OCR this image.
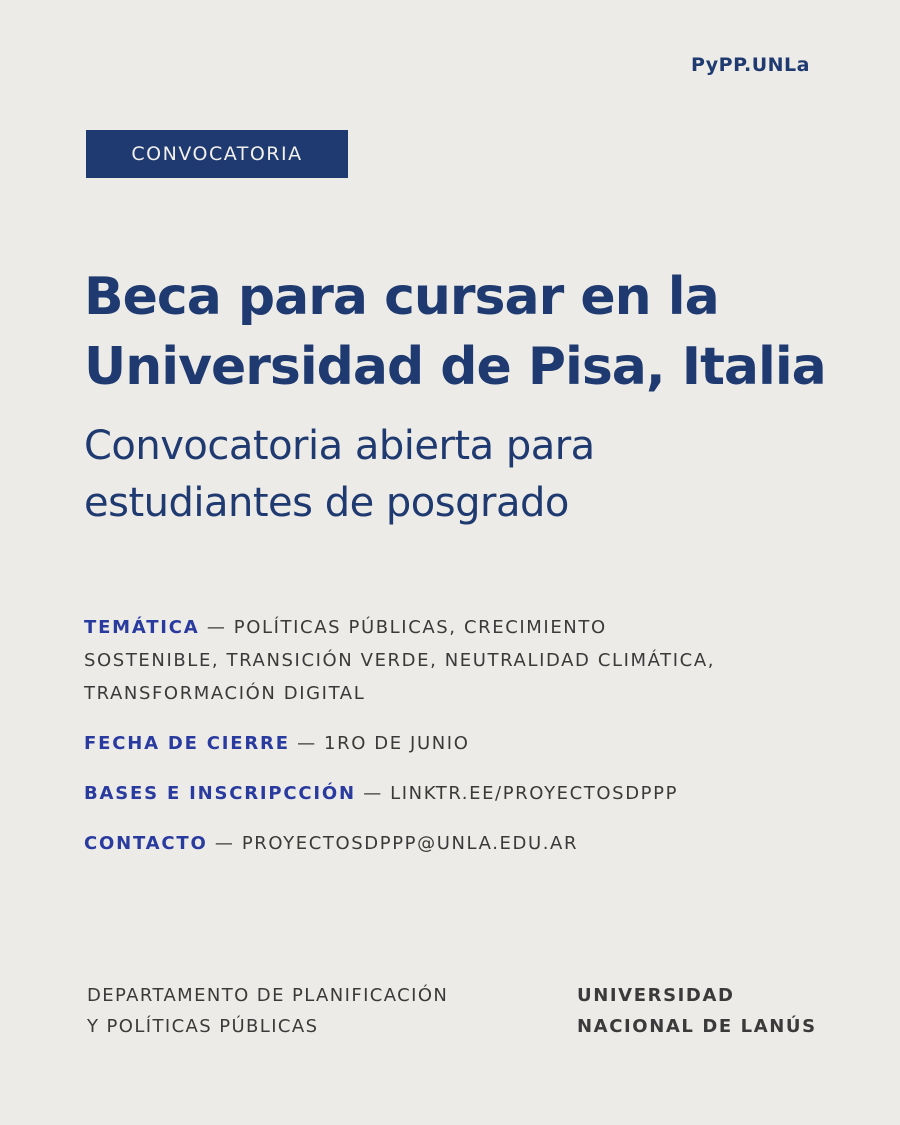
PyPP.UNLa
CONVOCATORIA
Beca para cursar en la
Universidad de Pisa, Italia
Convocatoria abierta para
estudiantes de posgrado
TEMÁTICA — POLÍTICAS PÚBLICAS, CRECIMIENTO SOSTENIBLE, TRANSICIÓN VERDE, NEUTRALIDAD CLIMÁTICA, TRANSFORMACIÓN DIGITAL
FECHA DE CIERRE — 1RO DE JUNIO
BASES E INSCRIPCCIÓN — LINKTR.EE/PROYECTOSDPPP
CONTACTO — PROYECTOSDPPP@UNLA.EDU.AR
DEPARTAMENTO DE PLANIFICACIÓN
Y POLÍTICAS PÚBLICAS
UNIVERSIDAD
NACIONAL DE LANÚS
